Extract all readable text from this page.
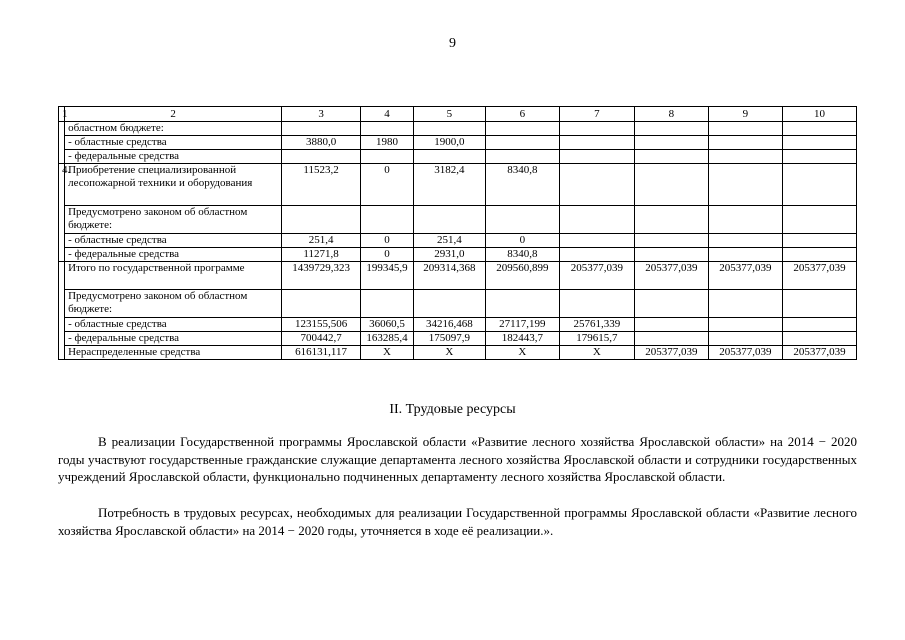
9
1	2	3	4	5	6	7	8	9	10
	областном бюджете:								
	- областные средства	3880,0	1980	1900,0					
	- федеральные средства								
4.	Приобретение специализированной лесопожарной техники и оборудования	11523,2	0	3182,4	8340,8				
	Предусмотрено законом об областном бюджете:								
	- областные средства	251,4	0	251,4	0				
	- федеральные средства	11271,8	0	2931,0	8340,8				
	Итого по государственной программе	1439729,323	199345,9	209314,368	209560,899	205377,039	205377,039	205377,039	205377,039
	Предусмотрено законом об областном бюджете:								
	- областные средства	123155,506	36060,5	34216,468	27117,199	25761,339			
	- федеральные средства	700442,7	163285,4	175097,9	182443,7	179615,7			
	Нераспределенные средства	616131,117	Х	Х	Х	Х	205377,039	205377,039	205377,039
II. Трудовые ресурсы

В реализации Государственной программы Ярославской области «Развитие лесного хозяйства Ярославской области» на 2014 − 2020 годы участвуют государственные гражданские служащие департамента лесного хозяйства Ярославской области и сотрудники государственных учреждений Ярославской области, функционально подчиненных департаменту лесного хозяйства Ярославской области.

Потребность в трудовых ресурсах, необходимых для реализации Государственной программы Ярославской области «Развитие лесного хозяйства Ярославской области» на 2014 − 2020 годы, уточняется в ходе её реализации.».
